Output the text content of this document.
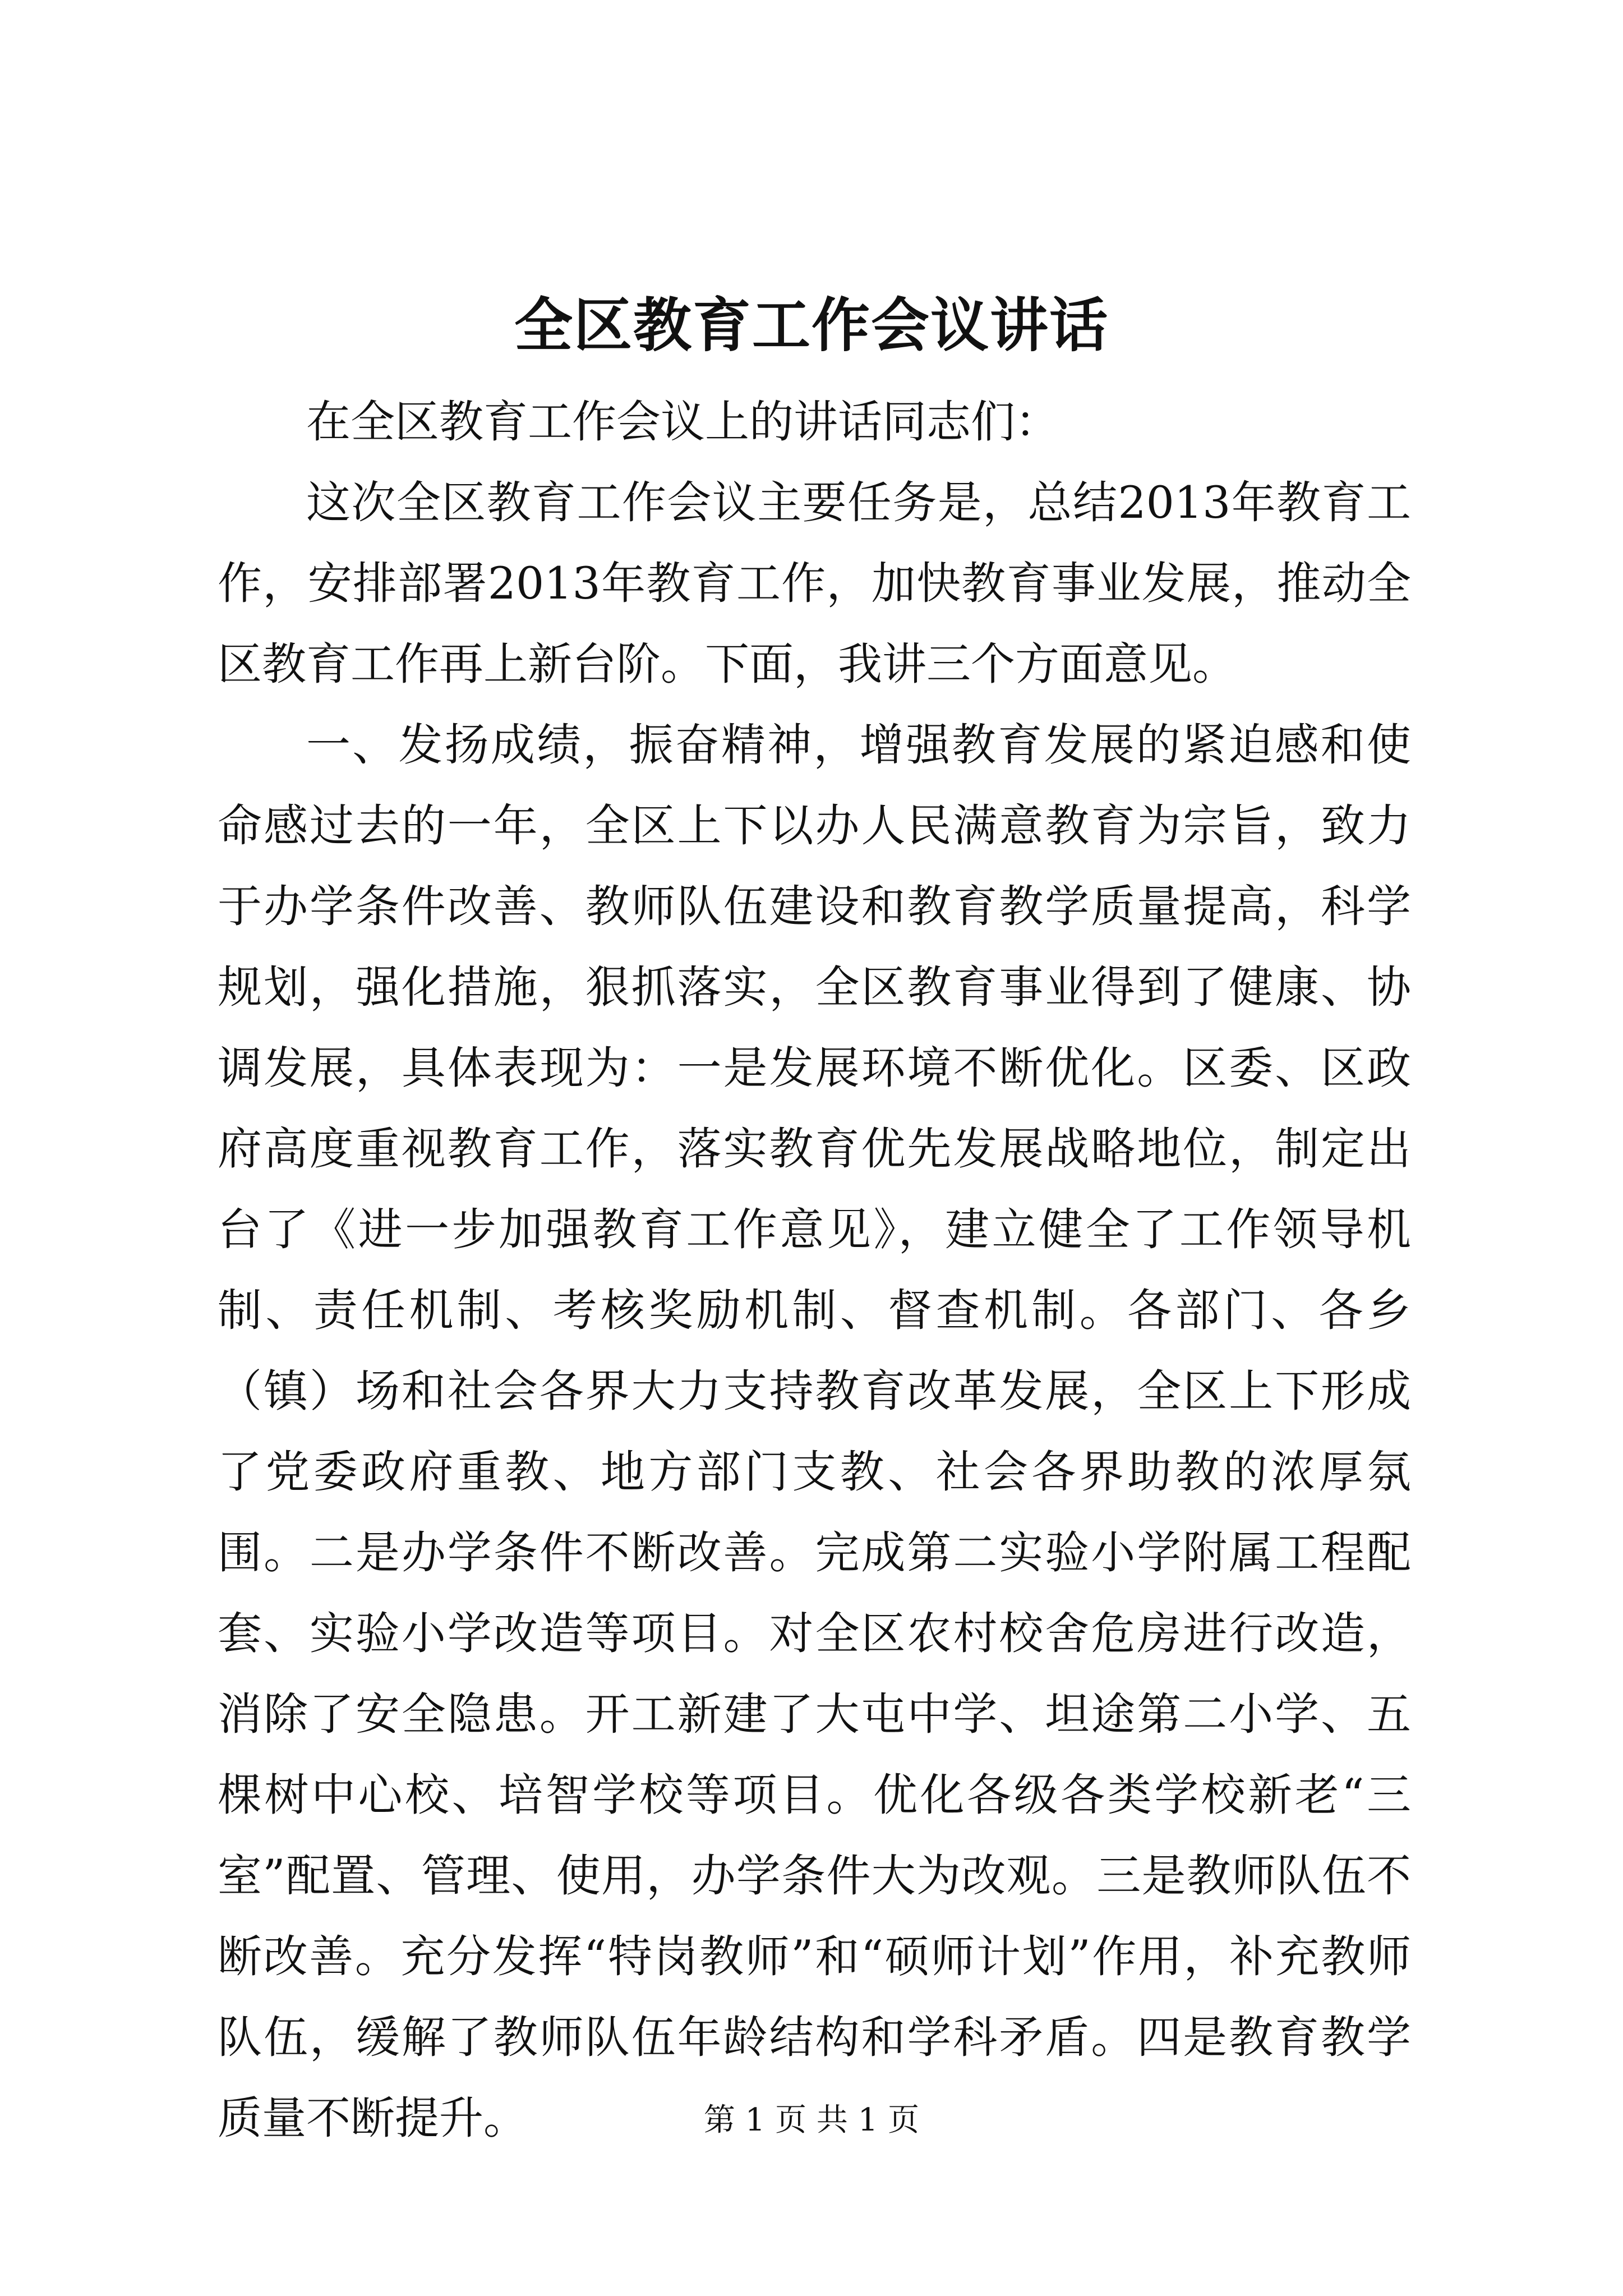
全区教育工作会议讲话

在全区教育工作会议上的讲话同志们：

这次全区教育工作会议主要任务是，总结2013年教育工作，安排部署2013年教育工作，加快教育事业发展，推动全区教育工作再上新台阶。下面，我讲三个方面意见。

一、发扬成绩，振奋精神，增强教育发展的紧迫感和使命感过去的一年，全区上下以办人民满意教育为宗旨，致力于办学条件改善、教师队伍建设和教育教学质量提高，科学规划，强化措施，狠抓落实，全区教育事业得到了健康、协调发展，具体表现为：一是发展环境不断优化。区委、区政府高度重视教育工作，落实教育优先发展战略地位，制定出台了《进一步加强教育工作意见》，建立健全了工作领导机制、责任机制、考核奖励机制、督查机制。各部门、各乡（镇）场和社会各界大力支持教育改革发展，全区上下形成了党委政府重教、地方部门支教、社会各界助教的浓厚氛围。二是办学条件不断改善。完成第二实验小学附属工程配套、实验小学改造等项目。对全区农村校舍危房进行改造，消除了安全隐患。开工新建了大屯中学、坦途第二小学、五棵树中心校、培智学校等项目。优化各级各类学校新老“三室”配置、管理、使用，办学条件大为改观。三是教师队伍不断改善。充分发挥“特岗教师”和“硕师计划”作用，补充教师队伍，缓解了教师队伍年龄结构和学科矛盾。四是教育教学质量不断提升。	第 1 页 共 1 页
